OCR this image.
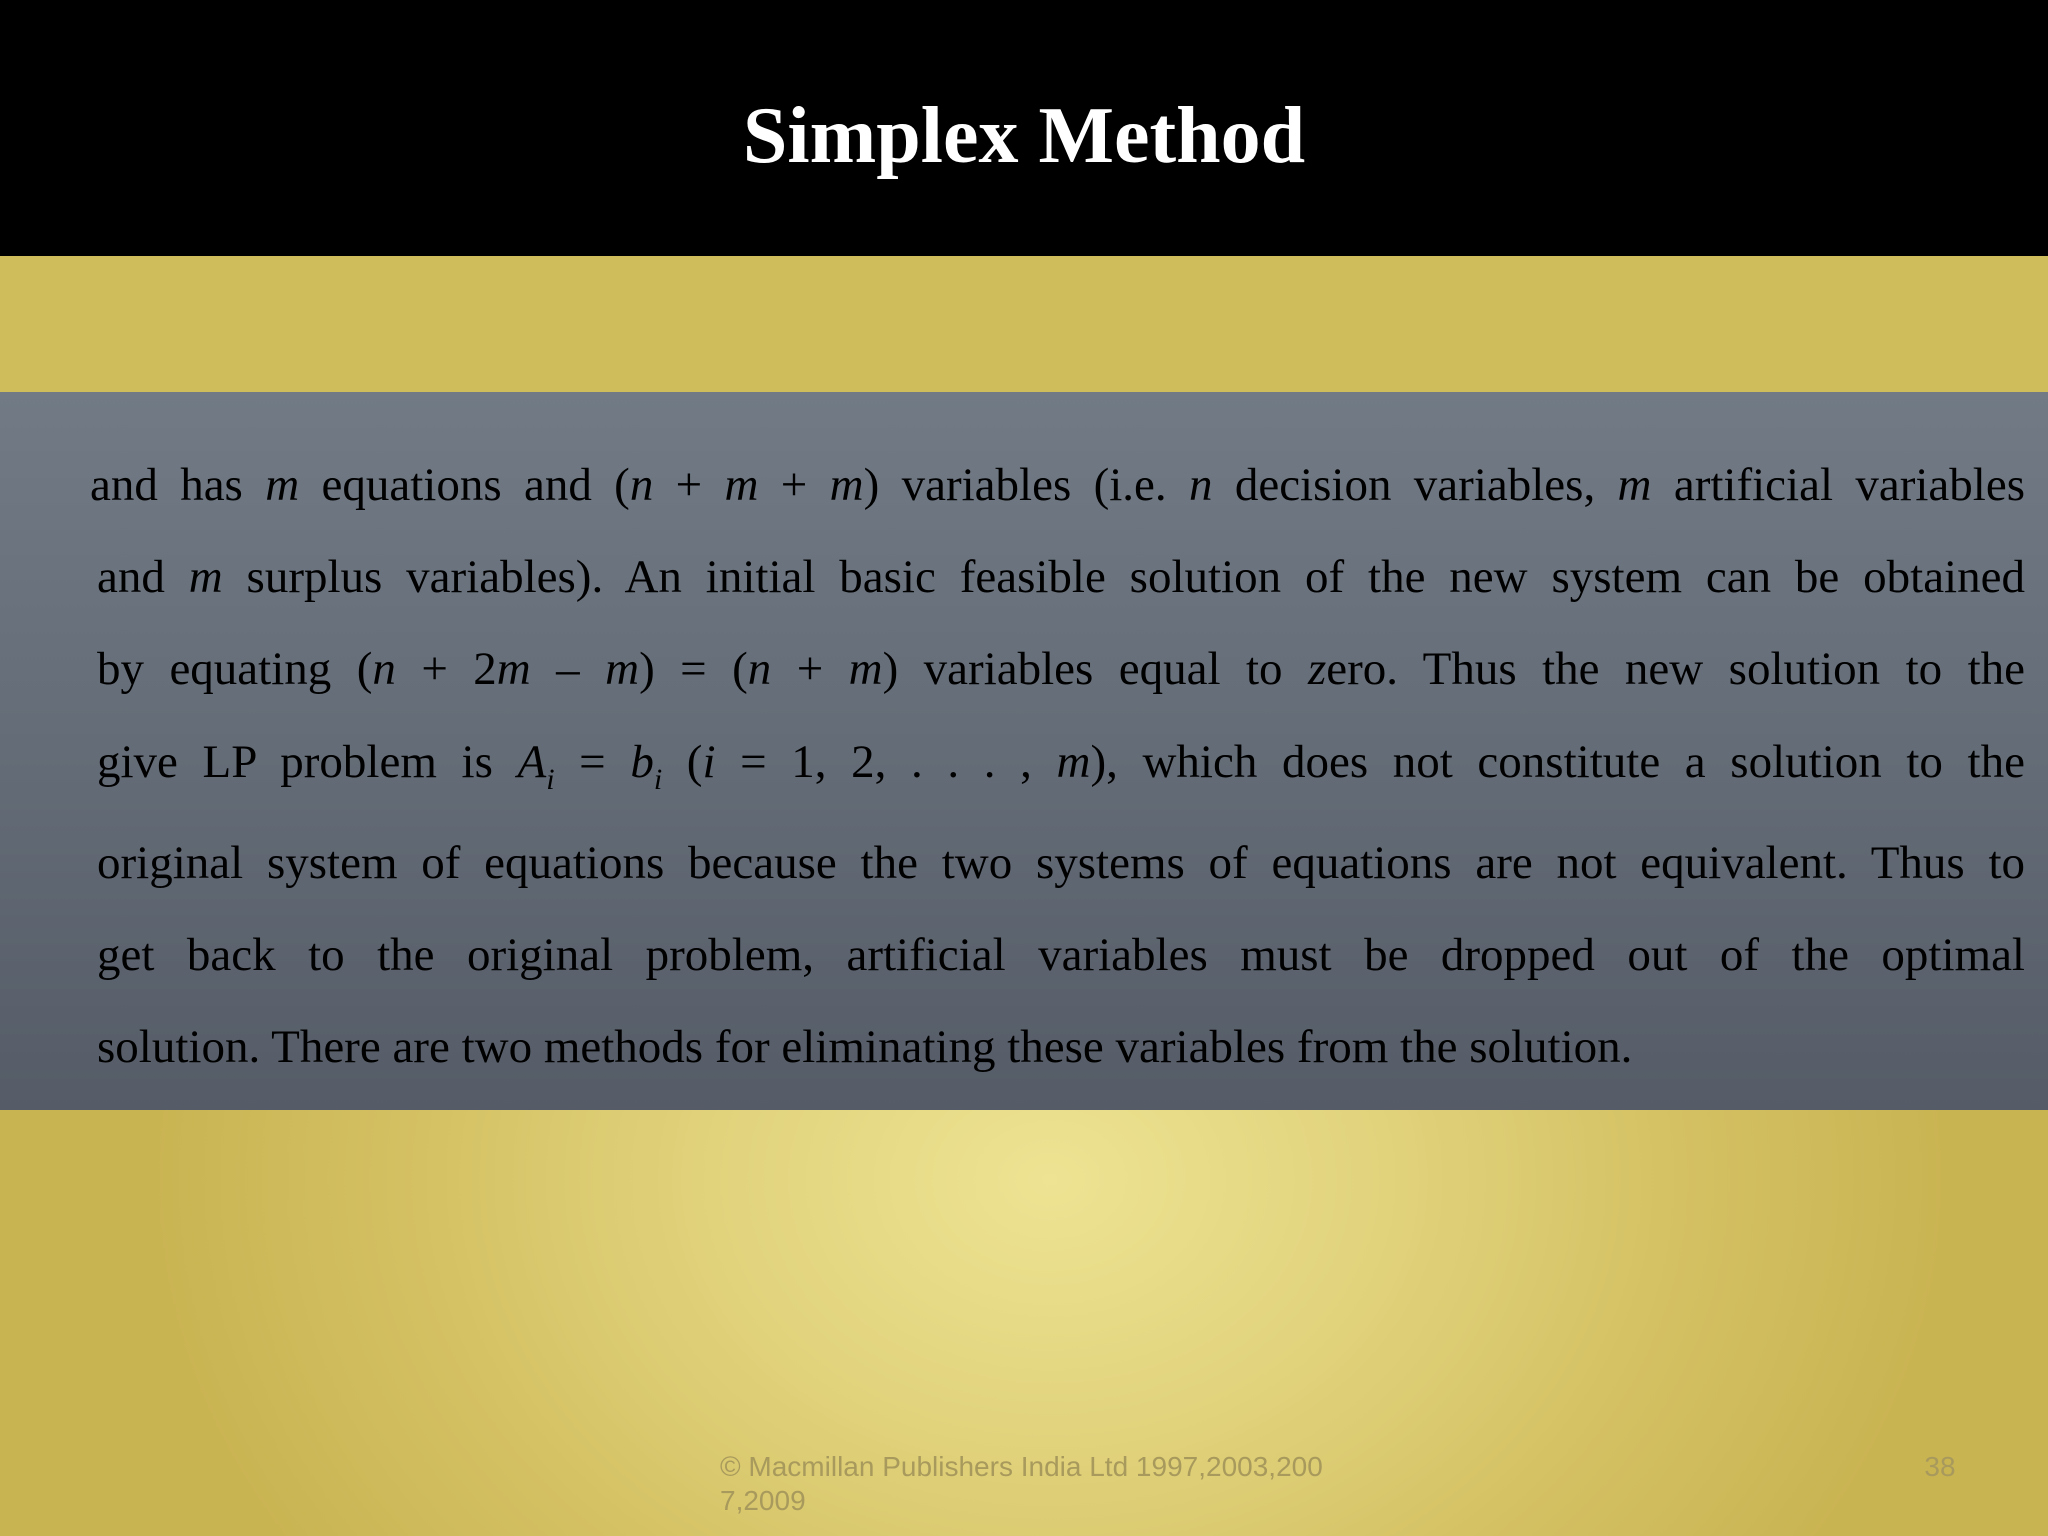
Simplex Method
and has m equations and (n + m + m) variables (i.e. n decision variables, m artificial variables
and m surplus variables). An initial basic feasible solution of the new system can be obtained
by equating (n + 2m – m) = (n + m) variables equal to zero. Thus the new solution to the
give LP problem is $A_i = b_i$ (i = 1, 2, . . . , m), which does not constitute a solution to the
original system of equations because the two systems of equations are not equivalent. Thus to
get back to the original problem, artificial variables must be dropped out of the optimal
solution. There are two methods for eliminating these variables from the solution.
© Macmillan Publishers India Ltd 1997,2003,2007,2009
38
